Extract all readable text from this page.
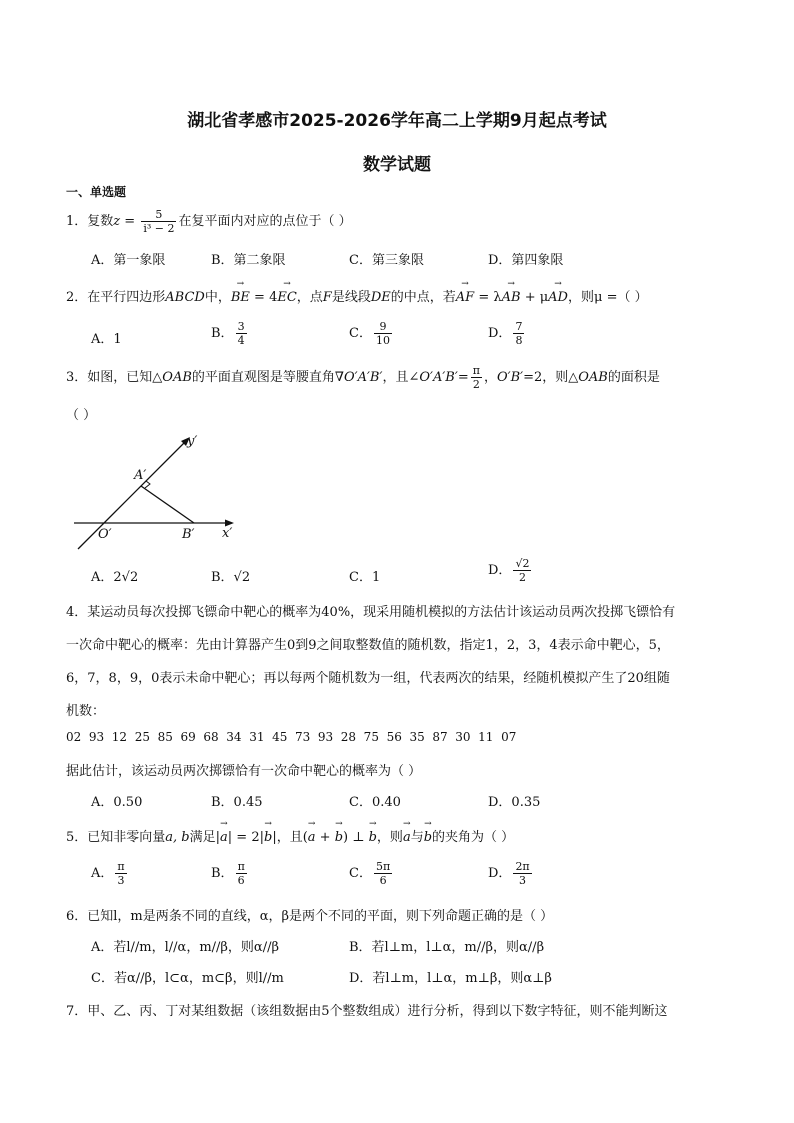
湖北省孝感市2025-2026学年高二上学期9月起点考试
数学试题
一、单选题
1．复数$z = \frac{5}{\text{i³ − 2}}$ 在复平面内对应的点位于（ ）
A．第一象限	B．第二象限	C．第三象限	D．第四象限
2．在平行四边形ABCD中，→ BE = 4→ EC，点F是线段DE的中点，若→ AF = λ→ AB + μ→ AD，则μ =（ ）
A．1	B． $\frac{3}{4}$	C． $\frac{9}{10}$	D． $\frac{7}{8}$
3．如图，已知△OAB的平面直观图是等腰直角∇O′A′B′，且∠O′A′B′= $\frac{\pi}{2}$ ，O′B′=2，则△OAB的面积是
（ ）
y′
x′
A′
O′	B′
A．2√2	B．√2	C．1	D． $\frac{√2}{2}$
4．某运动员每次投掷飞镖命中靶心的概率为40%，现采用随机模拟的方法估计该运动员两次投掷飞镖恰有
一次命中靶心的概率：先由计算器产生0到9之间取整数值的随机数，指定1，2，3，4表示命中靶心，5，
6，7，8，9，0表示未命中靶心；再以每两个随机数为一组，代表两次的结果，经随机模拟产生了20组随
机数：
02  93  12  25  85  69  68  34  31  45  73  93  28  75  56  35  87  30  11  07
据此估计，该运动员两次掷镖恰有一次命中靶心的概率为（ ）
A．0.50	B．0.45	C．0.40	D．0.35
5．已知非零向量a, b满足|→ a| = 2|→ b|，且(→ a + → b) ⊥ → b，则→ a与→ b的夹角为（ ）
A． $\frac{\pi}{3}$	B． $\frac{\pi}{6}$	C． $\frac{5\pi}{6}$	D． $\frac{2\pi}{3}$
6．已知l，m是两条不同的直线，α，β是两个不同的平面，则下列命题正确的是（ ）
A．若l//m，l//α，m//β，则α//β	B．若l⊥m，l⊥α，m//β，则α//β
C．若α//β，l⊂α，m⊂β，则l//m	D．若l⊥m，l⊥α，m⊥β，则α⊥β
7．甲、乙、丙、丁对某组数据（该组数据由5个整数组成）进行分析，得到以下数字特征，则不能判断这
